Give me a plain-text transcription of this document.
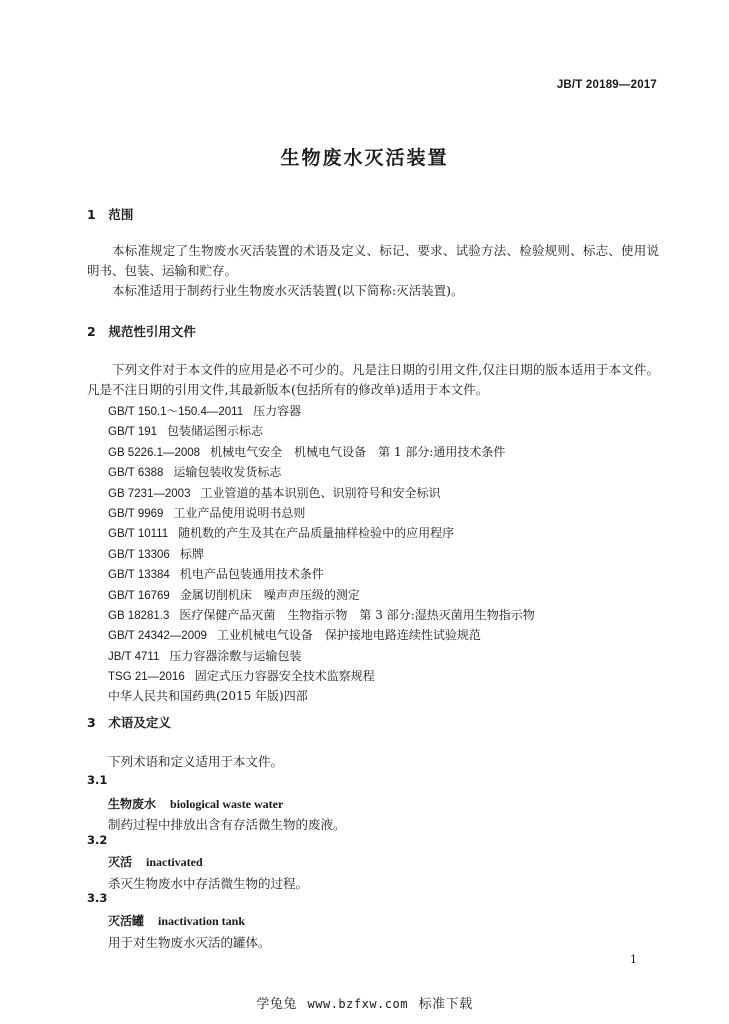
JB/T 20189—2017
生物废水灭活装置
1 范围

本标准规定了生物废水灭活装置的术语及定义、标记、要求、试验方法、检验规则、标志、使用说明书、包装、运输和贮存。

本标准适用于制药行业生物废水灭活装置(以下简称:灭活装置)。

2 规范性引用文件

下列文件对于本文件的应用是必不可少的。凡是注日期的引用文件,仅注日期的版本适用于本文件。凡是不注日期的引用文件,其最新版本(包括所有的修改单)适用于本文件。

GB/T 150.1～150.4—2011 压力容器
GB/T 191 包装储运图示标志
GB 5226.1—2008 机械电气安全　机械电气设备　第 1 部分:通用技术条件
GB/T 6388 运输包装收发货标志
GB 7231—2003 工业管道的基本识别色、识别符号和安全标识
GB/T 9969 工业产品使用说明书总则
GB/T 10111 随机数的产生及其在产品质量抽样检验中的应用程序
GB/T 13306 标牌
GB/T 13384 机电产品包装通用技术条件
GB/T 16769 金属切削机床　噪声声压级的测定
GB 18281.3 医疗保健产品灭菌　生物指示物　第 3 部分:湿热灭菌用生物指示物
GB/T 24342—2009 工业机械电气设备　保护接地电路连续性试验规范
JB/T 4711 压力容器涂敷与运输包装
TSG 21—2016 固定式压力容器安全技术监察规程
中华人民共和国药典(2015 年版)四部
3 术语及定义
下列术语和定义适用于本文件。
3.1
生物废水 biological waste water
制药过程中排放出含有存活微生物的废液。
3.2
灭活 inactivated
杀灭生物废水中存活微生物的过程。
3.3
灭活罐 inactivation tank
用于对生物废水灭活的罐体。
1
学兔兔 www.bzfxw.com 标准下载
